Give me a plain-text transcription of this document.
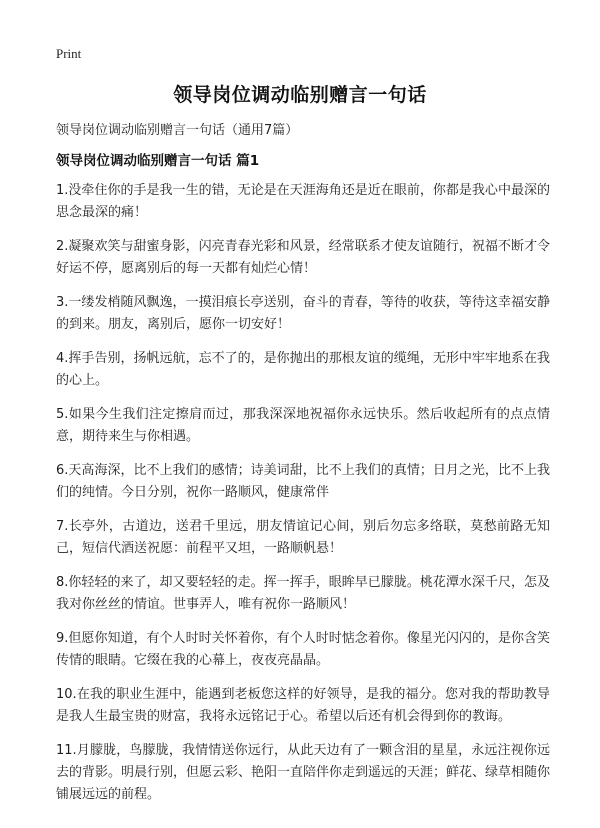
Print
领导岗位调动临别赠言一句话
领导岗位调动临别赠言一句话（通用7篇）
领导岗位调动临别赠言一句话 篇1

1.没牵住你的手是我一生的错，无论是在天涯海角还是近在眼前，你都是我心中最深的思念最深的痛！

2.凝聚欢笑与甜蜜身影，闪亮青春光彩和风景，经常联系才使友谊随行，祝福不断才令好运不停，愿离别后的每一天都有灿烂心情！

3.一缕发梢随风飘逸，一摸泪痕长亭送别，奋斗的青春，等待的收获，等待这幸福安静的到来。朋友，离别后，愿你一切安好！

4.挥手告别，扬帆远航，忘不了的，是你抛出的那根友谊的缆绳，无形中牢牢地系在我的心上。

5.如果今生我们注定擦肩而过，那我深深地祝福你永远快乐。然后收起所有的点点情意，期待来生与你相遇。

6.天高海深，比不上我们的感情；诗美词甜，比不上我们的真情；日月之光，比不上我们的纯情。今日分别，祝你一路顺风，健康常伴

7.长亭外，古道边，送君千里远，朋友情谊记心间，别后勿忘多络联，莫愁前路无知己，短信代酒送祝愿：前程平又坦，一路顺帆悬！

8.你轻轻的来了，却又要轻轻的走。挥一挥手，眼眸早已朦胧。桃花潭水深千尺，怎及我对你丝丝的情谊。世事弄人，唯有祝你一路顺风！

9.但愿你知道，有个人时时关怀着你，有个人时时惦念着你。像星光闪闪的，是你含笑传情的眼睛。它缀在我的心幕上，夜夜亮晶晶。

10.在我的职业生涯中，能遇到老板您这样的好领导，是我的福分。您对我的帮助教导是我人生最宝贵的财富，我将永远铭记于心。希望以后还有机会得到你的教诲。

11.月朦胧，鸟朦胧，我情情送你远行，从此天边有了一颗含泪的星星，永远注视你远去的背影。明晨行别，但愿云彩、艳阳一直陪伴你走到遥远的天涯；鲜花、绿草相随你铺展远远的前程。
